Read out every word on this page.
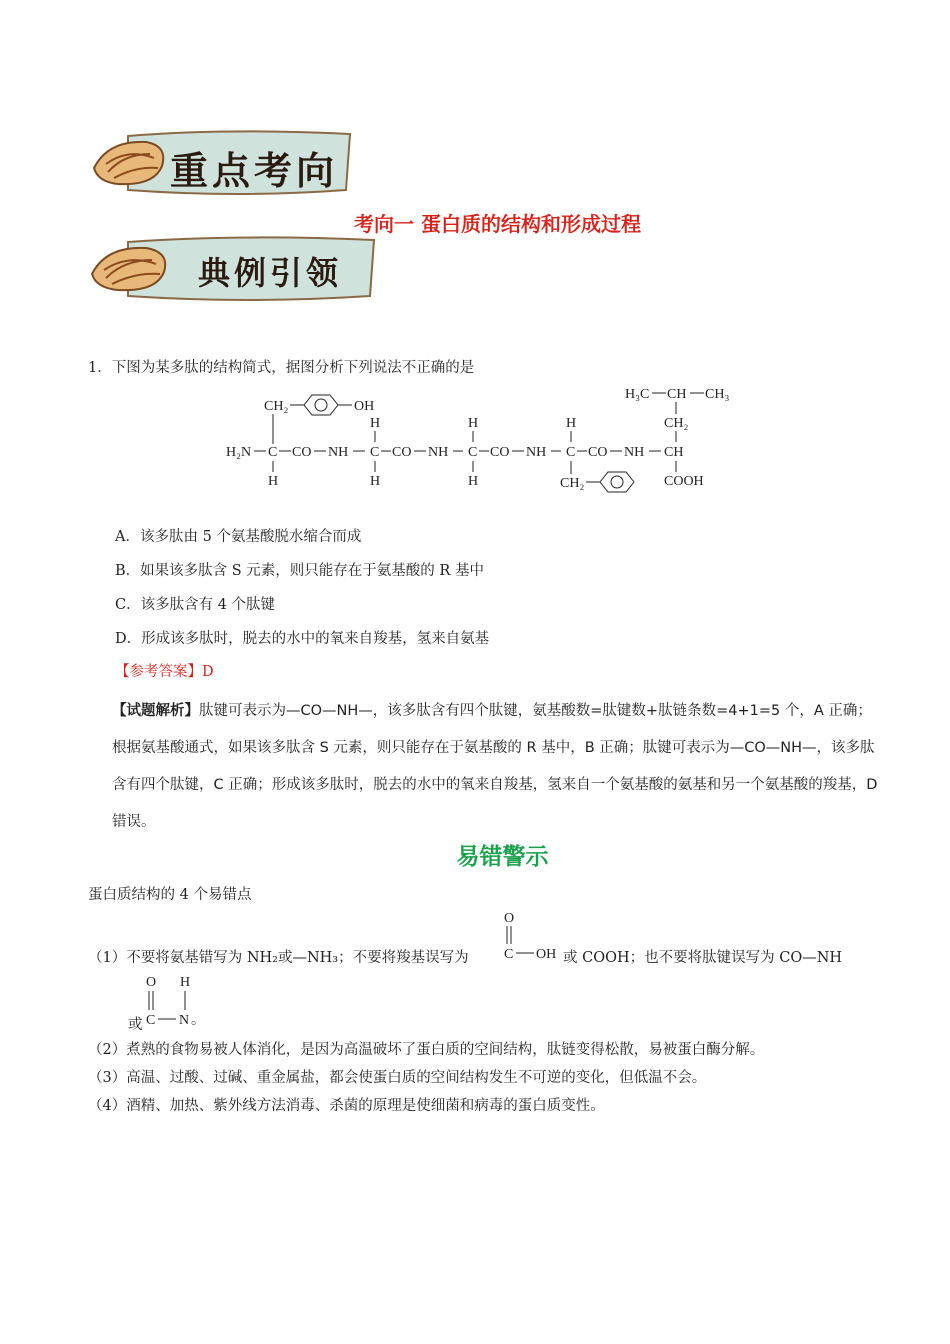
重点考向
考向一 蛋白质的结构和形成过程
典例引领
1．下图为某多肽的结构简式，据图分析下列说法不正确的是
H₃C CH CH₃
CH₂
CH₂	OH
H	H	H
H₂N C CO NH C CO NH C CO NH C CO NH CH
H	H	H	CH₂	COOH
A．该多肽由 5 个氨基酸脱水缩合而成
B．如果该多肽含 S 元素，则只能存在于氨基酸的 R 基中
C．该多肽含有 4 个肽键
D．形成该多肽时，脱去的水中的氧来自羧基，氢来自氨基
【参考答案】D
【试题解析】肽键可表示为—CO—NH—，该多肽含有四个肽键，氨基酸数=肽键数+肽链条数=4+1=5 个，A 正确；根据氨基酸通式，如果该多肽含 S 元素，则只能存在于氨基酸的 R 基中，B 正确；肽键可表示为—CO—NH—，该多肽含有四个肽键，C 正确；形成该多肽时，脱去的水中的氧来自羧基，氢来自一个氨基酸的氨基和另一个氨基酸的羧基，D 错误。
易错警示
蛋白质结构的 4 个易错点
（1）不要将氨基错写为 NH₂或—NH₃；不要将羧基误写为
O
C OH 或 COOH；也不要将肽键误写为 CO—NH
或
O H
C N 。
（2）煮熟的食物易被人体消化，是因为高温破坏了蛋白质的空间结构，肽链变得松散，易被蛋白酶分解。
（3）高温、过酸、过碱、重金属盐，都会使蛋白质的空间结构发生不可逆的变化，但低温不会。
（4）酒精、加热、紫外线方法消毒、杀菌的原理是使细菌和病毒的蛋白质变性。
